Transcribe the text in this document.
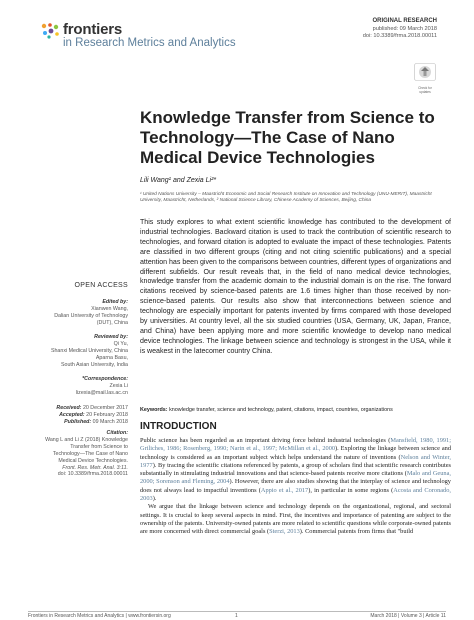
frontiers
in Research Metrics and Analytics
ORIGINAL RESEARCH
published: 09 March 2018
doi: 10.3389/frma.2018.00011
Check for updates
Knowledge Transfer from Science to Technology—The Case of Nano Medical Device Technologies
Lili Wang¹ and Zexia Li²*
¹ United Nations University – Maastricht Economic and Social Research Institute on Innovation and Technology (UNU-MERIT), Maastricht University, Maastricht, Netherlands, ² National Science Library, Chinese Academy of Sciences, Beijing, China

This study explores to what extent scientific knowledge has contributed to the development of industrial technologies. Backward citation is used to track the contribution of scientific research to technologies, and forward citation is adopted to evaluate the impact of these technologies. Patents are classified in two different groups (citing and not citing scientific publications) and a special attention has been given to the comparisons between countries, different types of organizations and different subfields. Our result reveals that, in the field of nano medical device technologies, knowledge transfer from the academic domain to the industrial domain is on the rise. The forward citations received by science-based patents are 1.6 times higher than those received by non-science-based patents. Our results also show that interconnections between science and technology are especially important for patents invented by firms compared with those developed by universities. At country level, all the six studied countries (USA, Germany, UK, Japan, France, and China) have been applying more and more scientific knowledge to develop nano medical device technologies. The linkage between science and technology is strongest in the USA, while it is weakest in the latecomer country China.

Keywords: knowledge transfer, science and technology, patent, citations, impact, countries, organizations
INTRODUCTION

Public science has been regarded as an important driving force behind industrial technologies (Mansfield, 1980, 1991; Griliches, 1986; Rosenberg, 1990; Narin et al., 1997; McMillan et al., 2000). Exploring the linkage between science and technology is considered as an important subject which helps understand the nature of inventions (Nelson and Winter, 1977). By tracing the scientific citations referenced by patents, a group of scholars find that scientific research contributes substantially in stimulating industrial innovations and that science-based patents receive more citations (Malo and Geuna, 2000; Sorenson and Fleming, 2004). However, there are also studies showing that the interplay of science and technology does not always lead to impactful inventions (Appio et al., 2017), in particular in some regions (Acosta and Coronado, 2003).

We argue that the linkage between science and technology depends on the organizational, regional, and sectoral settings. It is crucial to keep several aspects in mind. First, the incentives and importance of patenting are subject to the ownership of the patents. University-owned patents are more related to scientific questions while corporate-owned patents are more concerned with direct commercial goals (Sterzi, 2013). Commercial patents from firms that "build

OPEN ACCESS
Edited by:
Xianwen Wang,
Dalian University of Technology
(DUT), China
Reviewed by:
Qi Yu,
Shanxi Medical University, China
Aparna Basu,
South Asian University, India
*Correspondence:
Zexia Li
lizexia@mail.las.ac.cn
Received: 20 December 2017
Accepted: 20 February 2018
Published: 09 March 2018
Citation:
Wang L and Li Z (2018) Knowledge
Transfer from Science to
Technology—The Case of Nano
Medical Device Technologies.
Front. Res. Metr. Anal. 3:11.
doi: 10.3389/frma.2018.00011
Frontiers in Research Metrics and Analytics | www.frontiersin.org	1	March 2018 | Volume 3 | Article 11
